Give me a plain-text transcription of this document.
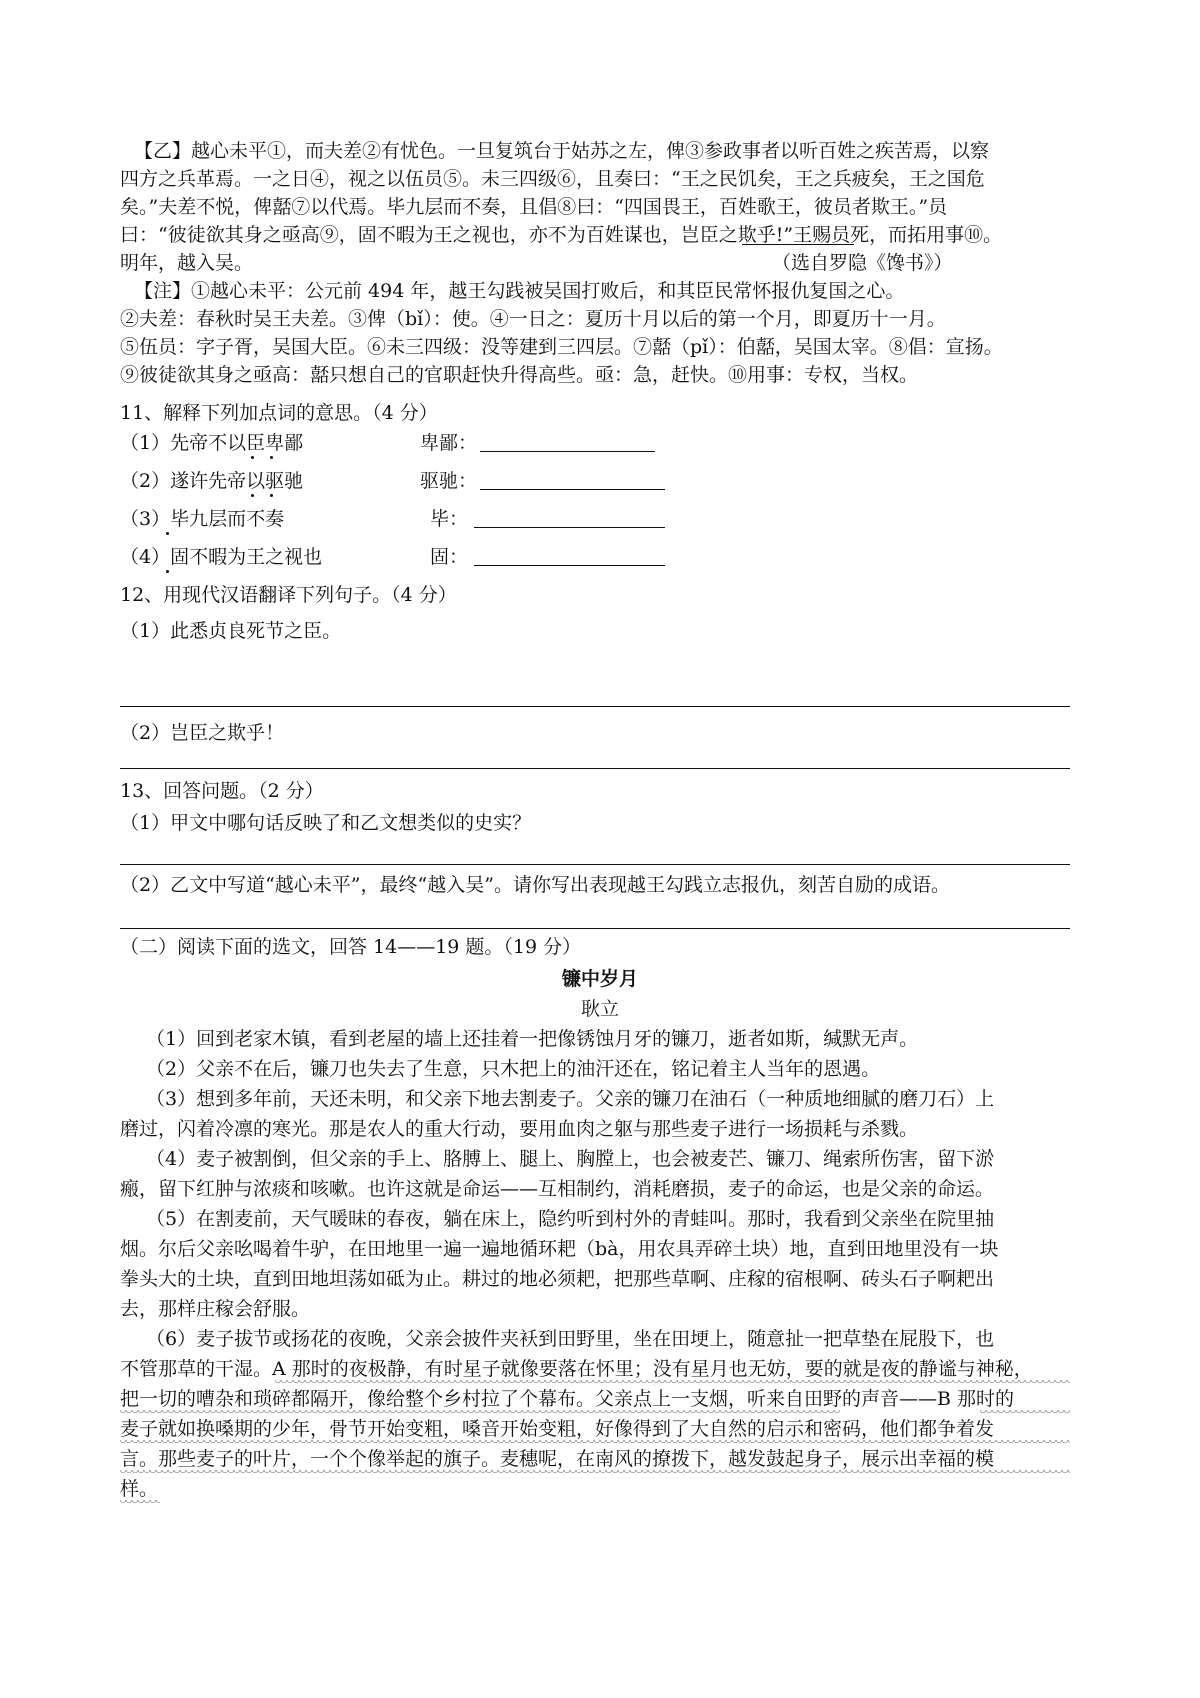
【乙】越心未平①，而夫差②有忧色。一旦复筑台于姑苏之左，俾③参政事者以听百姓之疾苦焉，以察
四方之兵革焉。一之日④，视之以伍员⑤。未三四级⑥，且奏曰：“王之民饥矣，王之兵疲矣，王之国危
矣。”夫差不悦，俾嚭⑦以代焉。毕九层而不奏，且倡⑧曰：“四国畏王，百姓歌王，彼员者欺王。”员
曰：“彼徒欲其身之亟高⑨，固不暇为王之视也，亦不为百姓谋也，岂臣之欺乎!”王赐员死，而拓用事⑩。
明年，越入吴。	（选自罗隐《馋书》）
【注】①越心未平：公元前 494 年，越王勾践被吴国打败后，和其臣民常怀报仇复国之心。
②夫差：春秋时吴王夫差。③俾（bǐ）：使。④一日之：夏历十月以后的第一个月，即夏历十一月。
⑤伍员：字子胥，吴国大臣。⑥未三四级：没等建到三四层。⑦嚭（pǐ）：伯嚭，吴国太宰。⑧倡：宣扬。
⑨彼徒欲其身之亟高：嚭只想自己的官职赶快升得高些。亟：急，赶快。⑩用事：专权，当权。
11、解释下列加点词的意思。（4 分）
（1）先帝不以臣卑鄙	卑鄙：
（2）遂许先帝以驱驰	驱驰：
（3）毕九层而不奏	毕：
（4）固不暇为王之视也	固：
12、用现代汉语翻译下列句子。（4 分）
（1）此悉贞良死节之臣。
（2）岂臣之欺乎！
13、回答问题。（2 分）
（1）甲文中哪句话反映了和乙文想类似的史实？
（2）乙文中写道“越心未平”，最终“越入吴”。请你写出表现越王勾践立志报仇，刻苦自励的成语。
（二）阅读下面的选文，回答 14——19 题。（19 分）
镰中岁月
耿立
（1）回到老家木镇，看到老屋的墙上还挂着一把像锈蚀月牙的镰刀，逝者如斯，缄默无声。
（2）父亲不在后，镰刀也失去了生意，只木把上的油汗还在，铭记着主人当年的恩遇。
（3）想到多年前，天还未明，和父亲下地去割麦子。父亲的镰刀在油石（一种质地细腻的磨刀石）上
磨过，闪着冷凛的寒光。那是农人的重大行动，要用血肉之躯与那些麦子进行一场损耗与杀戮。
（4）麦子被割倒，但父亲的手上、胳膊上、腿上、胸膛上，也会被麦芒、镰刀、绳索所伤害，留下淤
瘢，留下红肿与浓痰和咳嗽。也许这就是命运——互相制约，消耗磨损，麦子的命运，也是父亲的命运。
（5）在割麦前，天气暖昧的春夜，躺在床上，隐约听到村外的青蛙叫。那时，我看到父亲坐在院里抽
烟。尔后父亲吆喝着牛驴，在田地里一遍一遍地循环耙（bà，用农具弄碎土块）地，直到田地里没有一块
拳头大的土块，直到田地坦荡如砥为止。耕过的地必须耙，把那些草啊、庄稼的宿根啊、砖头石子啊耙出
去，那样庄稼会舒服。
（6）麦子拔节或扬花的夜晚，父亲会披件夹袄到田野里，坐在田埂上，随意扯一把草垫在屁股下，也
不管那草的干湿。A 那时的夜极静，有时星子就像要落在怀里；没有星月也无妨，要的就是夜的静谧与神秘，
把一切的嘈杂和琐碎都隔开，像给整个乡村拉了个幕布。父亲点上一支烟，听来自田野的声音——B 那时的
麦子就如换嗓期的少年，骨节开始变粗，嗓音开始变粗，好像得到了大自然的启示和密码，他们都争着发
言。那些麦子的叶片，一个个像举起的旗子。麦穗呢，在南风的撩拨下，越发鼓起身子，展示出幸福的模
样。
